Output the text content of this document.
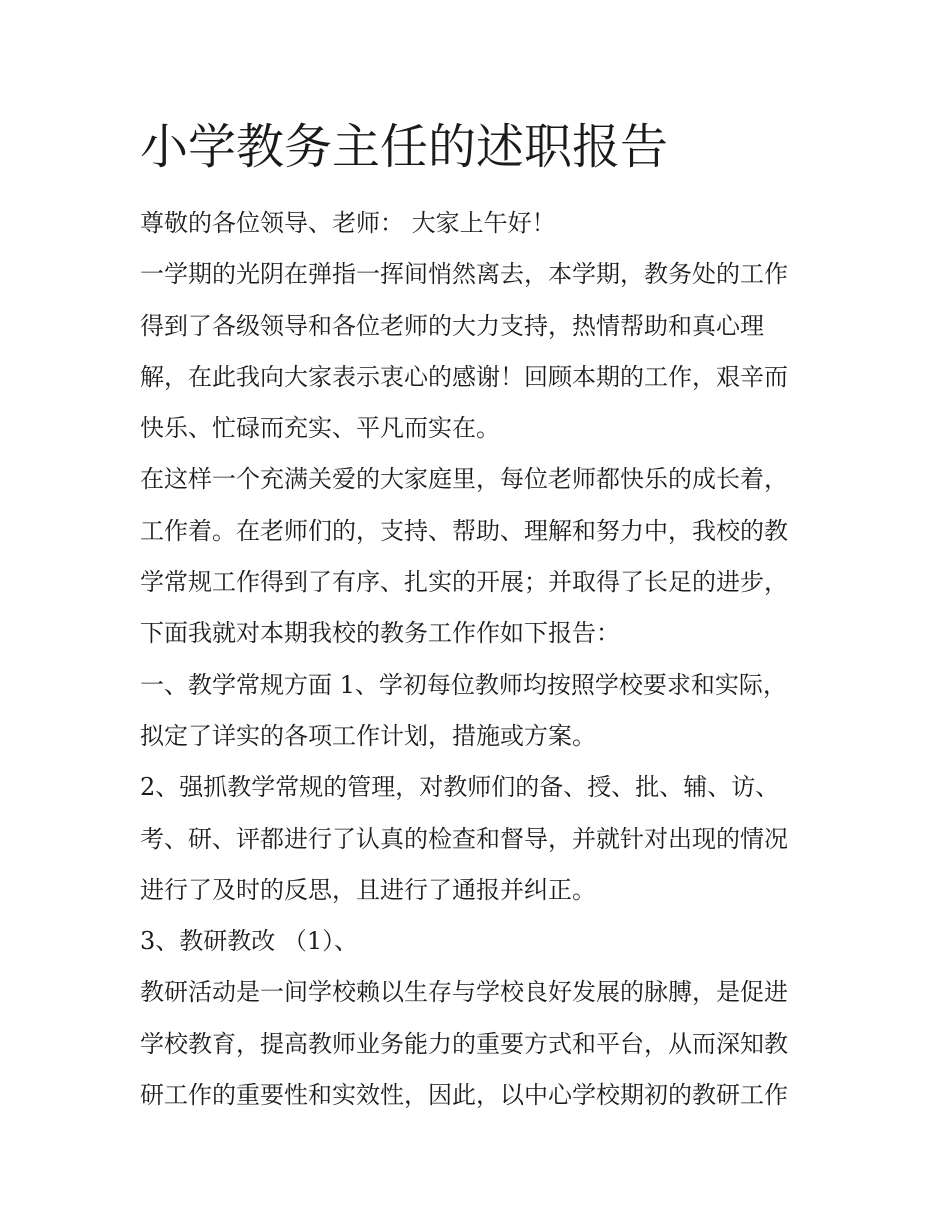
小学教务主任的述职报告
尊敬的各位领导、老师： 大家上午好！
一学期的光阴在弹指一挥间悄然离去，本学期，教务处的工作
得到了各级领导和各位老师的大力支持，热情帮助和真心理
解，在此我向大家表示衷心的感谢！回顾本期的工作，艰辛而
快乐、忙碌而充实、平凡而实在。
在这样一个充满关爱的大家庭里，每位老师都快乐的成长着，
工作着。在老师们的，支持、帮助、理解和努力中，我校的教
学常规工作得到了有序、扎实的开展；并取得了长足的进步，
下面我就对本期我校的教务工作作如下报告：
一、教学常规方面 1、学初每位教师均按照学校要求和实际，
拟定了详实的各项工作计划，措施或方案。
2、强抓教学常规的管理，对教师们的备、授、批、辅、访、
考、研、评都进行了认真的检查和督导，并就针对出现的情况
进行了及时的反思，且进行了通报并纠正。
3、教研教改 （1）、
教研活动是一间学校赖以生存与学校良好发展的脉膊，是促进
学校教育，提高教师业务能力的重要方式和平台，从而深知教
研工作的重要性和实效性，因此，以中心学校期初的教研工作
